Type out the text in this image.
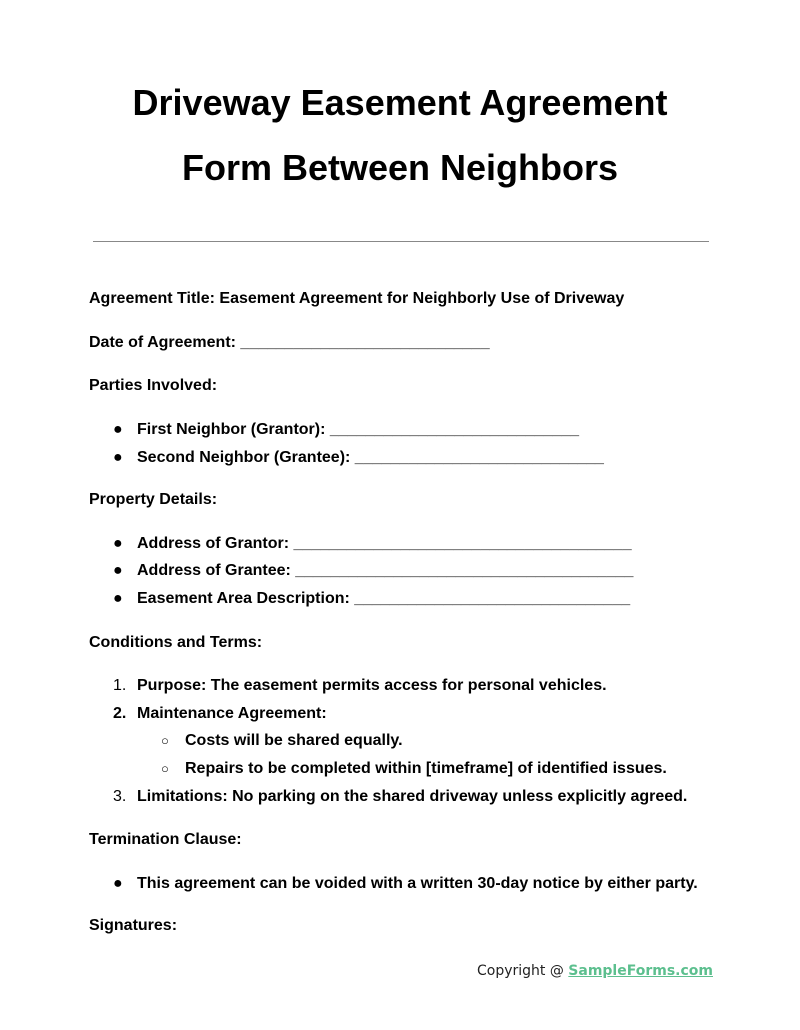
Driveway Easement Agreement
Form Between Neighbors
Agreement Title: Easement Agreement for Neighborly Use of Driveway
Date of Agreement: ____________________________
Parties Involved:
● First Neighbor (Grantor): ____________________________
● Second Neighbor (Grantee): ____________________________
Property Details:
● Address of Grantor: ______________________________________
● Address of Grantee: ______________________________________
● Easement Area Description: _______________________________
Conditions and Terms:
1. Purpose: The easement permits access for personal vehicles.
2. Maintenance Agreement:
○ Costs will be shared equally.
○ Repairs to be completed within [timeframe] of identified issues.
3. Limitations: No parking on the shared driveway unless explicitly agreed.
Termination Clause:
● This agreement can be voided with a written 30-day notice by either party.
Signatures:
Copyright @ SampleForms.com
